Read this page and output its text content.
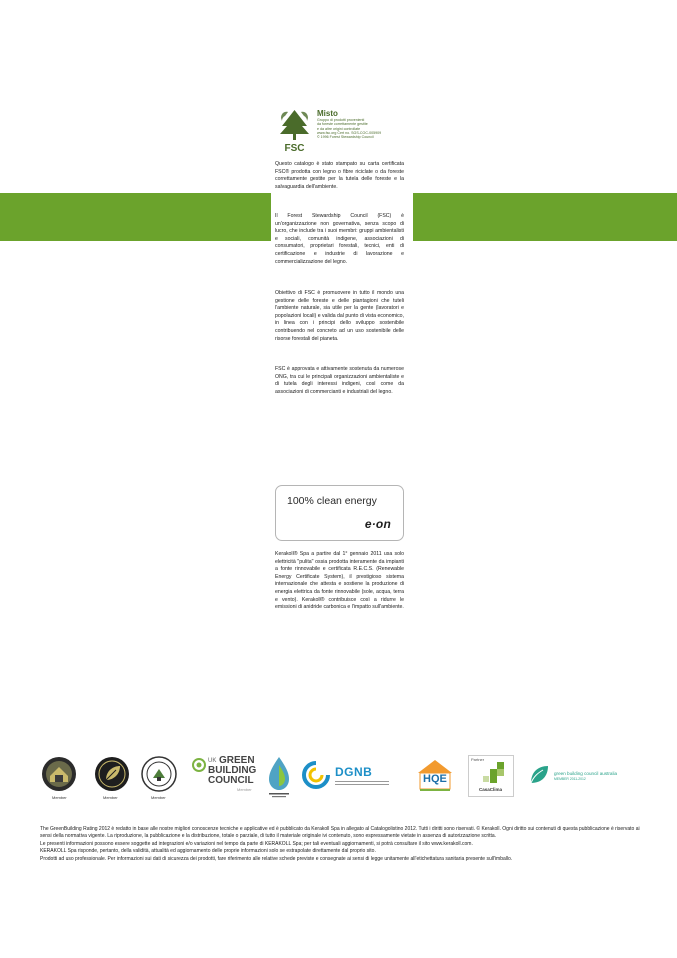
FSC
Misto
Gruppo di prodotti provenienti
da foreste correttamente gestite
e da altre origini controllate
www.fsc.org Cert no. SGS-COC-005909
© 1996 Forest Stewardship Council

Questo catalogo è stato stampato su carta certificata FSC® prodotta con legno o fibre riciclate o da foreste correttamente gestite per la tutela delle foreste e la salvaguardia dell'ambiente.

Il Forest Stewardship Council (FSC) è un'organizzazione non governativa, senza scopo di lucro, che include tra i suoi membri: gruppi ambientalisti e sociali, comunità indigene, associazioni di consumatori, proprietari forestali, tecnici, enti di certificazione e industrie di lavorazione e commercializzazione del legno.

Obiettivo di FSC è promuovere in tutto il mondo una gestione delle foreste e delle piantagioni che tuteli l'ambiente naturale, sia utile per la gente (lavoratori e popolazioni locali) e valida dal punto di vista economico, in linea con i principi dello sviluppo sostenibile contribuendo nel concreto ad un uso sostenibile delle risorse forestali del pianeta.

FSC è approvata e attivamente sostenuta da numerose ONG, tra cui le principali organizzazioni ambientaliste e di tutela degli interessi indigeni, così come da associazioni di commercianti e industriali del legno.

100% clean energy
e·on

Kerakoll® Spa a partire dal 1° gennaio 2011 usa solo elettricità "pulita" ossia prodotta interamente da impianti a fonte rinnovabile e certificata R.E.C.S. (Renewable Energy Certificate System), il prestigioso sistema internazionale che attesta e sostiene la produzione di energia elettrica da fonte rinnovabile (sole, acqua, terra e vento). Kerakoll® contribuisce così a ridurre le emissioni di anidride carbonica e l'impatto sull'ambiente.

Member	Member	Member
UK GREEN
BUILDING
COUNCIL
Member
DGNB	HQE
Partner
CasaClima
green building council australia
MEMBER 2011-2012

The GreenBuilding Rating 2012 è redatto in base alle nostre migliori conoscenze tecniche e applicative ed è pubblicato da Kerakoll Spa in allegato al Catalogolistino 2012. Tutti i diritti sono riservati. © Kerakoll. Ogni diritto sui contenuti di questa pubblicazione è riservato ai sensi della normativa vigente. La riproduzione, la pubblicazione e la distribuzione, totale o parziale, di tutto il materiale originale ivi contenuto, sono espressamente vietate in assenza di autorizzazione scritta.

Le presenti informazioni possono essere soggette ad integrazioni e/o variazioni nel tempo da parte di KERAKOLL Spa; per tali eventuali aggiornamenti, si potrà consultare il sito www.kerakoll.com.

KERAKOLL Spa risponde, pertanto, della validità, attualità ed aggiornamento delle proprie informazioni solo se estrapolate direttamente dal proprio sito.

Prodotti ad uso professionale. Per informazioni sui dati di sicurezza dei prodotti, fare riferimento alle relative schede previste e consegnate ai sensi di legge unitamente all'etichettatura sanitaria presente sull'imballo.
